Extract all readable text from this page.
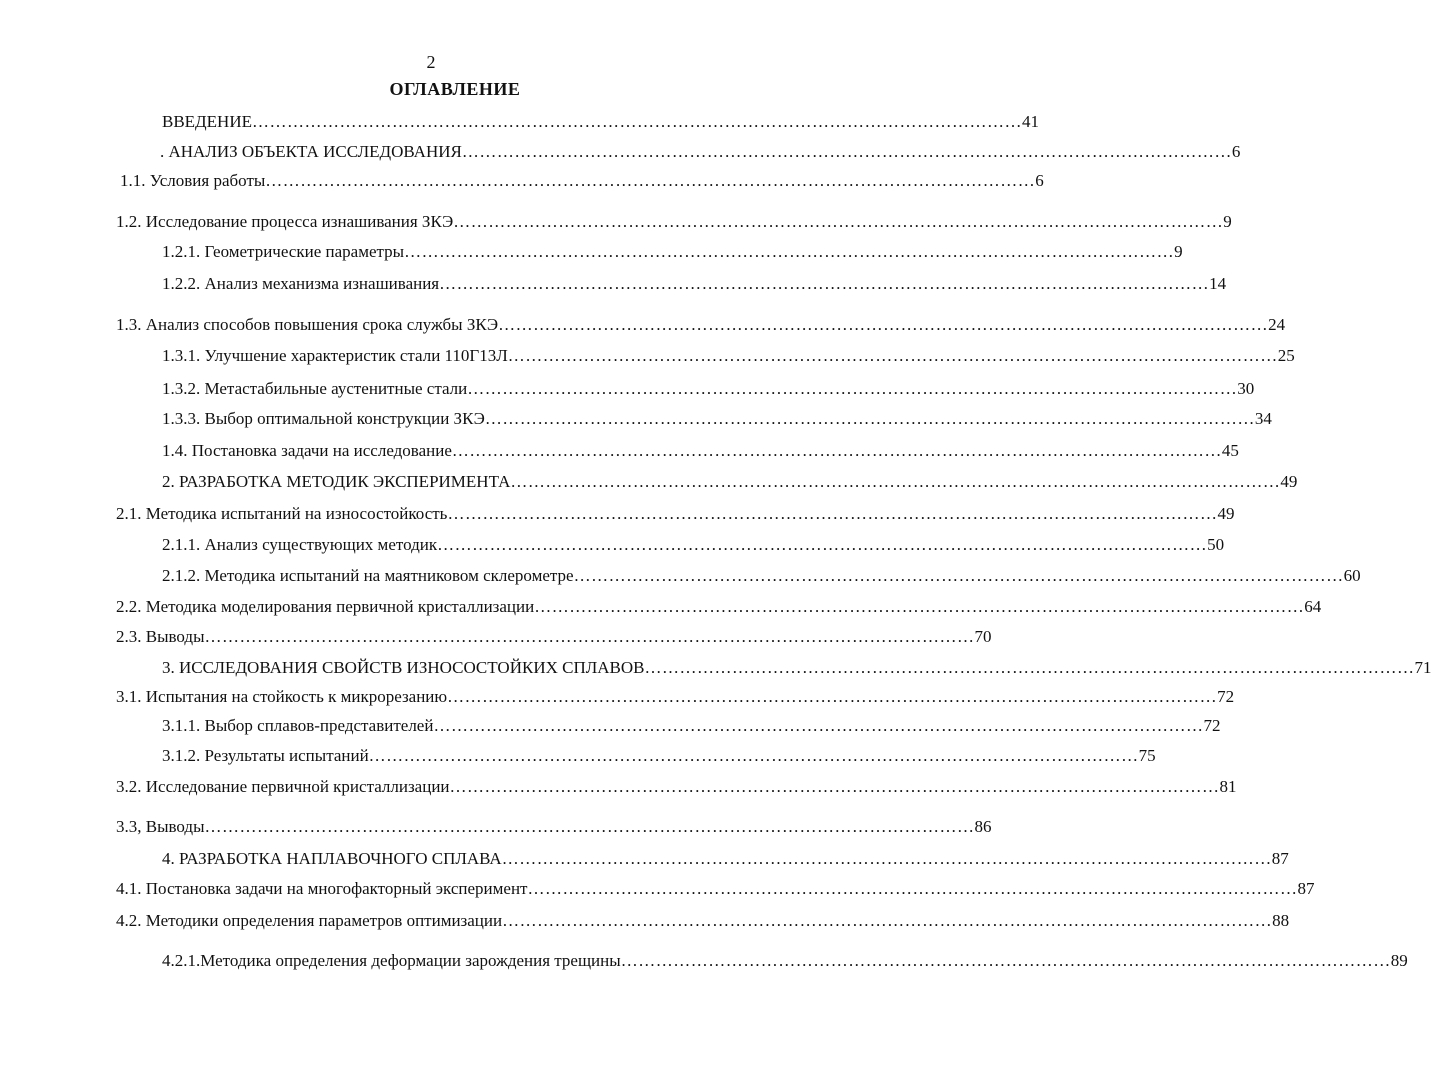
2
ОГЛАВЛЕНИЕ
ВВЕДЕНИЕ …………………………………………………………………………………………………………………… 41
. АНАЛИЗ ОБЪЕКТА ИССЛЕДОВАНИЯ …………………………………………………………………………………………………………………… 6
1.1. Условия работы …………………………………………………………………………………………………………………… 6
1.2. Исследование процесса изнашивания ЗКЭ …………………………………………………………………………………………………………………… 9
1.2.1. Геометрические параметры …………………………………………………………………………………………………………………… 9
1.2.2. Анализ механизма изнашивания …………………………………………………………………………………………………………………… 14
1.3. Анализ способов повышения срока службы ЗКЭ …………………………………………………………………………………………………………………… 24
1.3.1. Улучшение характеристик стали 110Г13Л …………………………………………………………………………………………………………………… 25
1.3.2. Метастабильные аустенитные стали …………………………………………………………………………………………………………………… 30
1.3.3. Выбор оптимальной конструкции ЗКЭ …………………………………………………………………………………………………………………… 34
1.4. Постановка задачи на исследование …………………………………………………………………………………………………………………… 45
2. РАЗРАБОТКА МЕТОДИК ЭКСПЕРИМЕНТА …………………………………………………………………………………………………………………… 49
2.1. Методика испытаний на износостойкость …………………………………………………………………………………………………………………… 49
2.1.1. Анализ существующих методик …………………………………………………………………………………………………………………… 50
2.1.2. Методика испытаний на маятниковом склерометре …………………………………………………………………………………………………………………… 60
2.2. Методика моделирования первичной кристаллизации …………………………………………………………………………………………………………………… 64
2.3. Выводы …………………………………………………………………………………………………………………… 70
3. ИССЛЕДОВАНИЯ СВОЙСТВ ИЗНОСОСТОЙКИХ СПЛАВОВ …………………………………………………………………………………………………………………… 71
3.1. Испытания на стойкость к микрорезанию …………………………………………………………………………………………………………………… 72
3.1.1. Выбор сплавов-представителей …………………………………………………………………………………………………………………… 72
3.1.2. Результаты испытаний …………………………………………………………………………………………………………………… 75
3.2. Исследование первичной кристаллизации …………………………………………………………………………………………………………………… 81
3.3, Выводы …………………………………………………………………………………………………………………… 86
4. РАЗРАБОТКА НАПЛАВОЧНОГО СПЛАВА …………………………………………………………………………………………………………………… 87
4.1. Постановка задачи на многофакторный эксперимент …………………………………………………………………………………………………………………… 87
4.2. Методики определения параметров оптимизации …………………………………………………………………………………………………………………… 88
4.2.1.Методика определения деформации зарождения трещины …………………………………………………………………………………………………………………… 89
